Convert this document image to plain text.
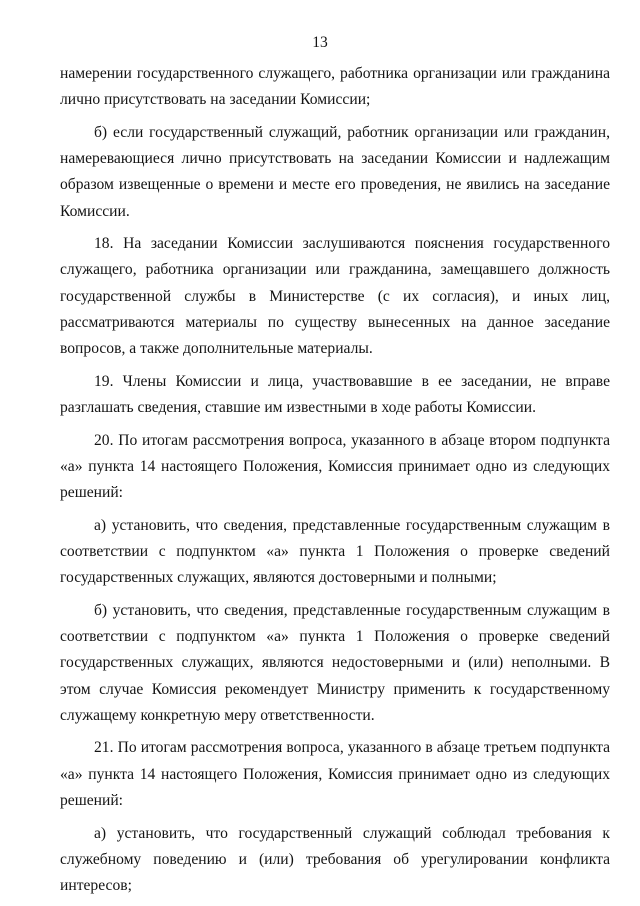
13

намерении государственного служащего, работника организации или гражданина лично присутствовать на заседании Комиссии;

б) если государственный служащий, работник организации или гражданин, намеревающиеся лично присутствовать на заседании Комиссии и надлежащим образом извещенные о времени и месте его проведения, не явились на заседание Комиссии.

18. На заседании Комиссии заслушиваются пояснения государственного служащего, работника организации или гражданина, замещавшего должность государственной службы в Министерстве (с их согласия), и иных лиц, рассматриваются материалы по существу вынесенных на данное заседание вопросов, а также дополнительные материалы.

19. Члены Комиссии и лица, участвовавшие в ее заседании, не вправе разглашать сведения, ставшие им известными в ходе работы Комиссии.

20. По итогам рассмотрения вопроса, указанного в абзаце втором подпункта «а» пункта 14 настоящего Положения, Комиссия принимает одно из следующих решений:

а) установить, что сведения, представленные государственным служащим в соответствии с подпунктом «а» пункта 1 Положения о проверке сведений государственных служащих, являются достоверными и полными;

б) установить, что сведения, представленные государственным служащим в соответствии с подпунктом «а» пункта 1 Положения о проверке сведений государственных служащих, являются недостоверными и (или) неполными. В этом случае Комиссия рекомендует Министру применить к государственному служащему конкретную меру ответственности.

21. По итогам рассмотрения вопроса, указанного в абзаце третьем подпункта «а» пункта 14 настоящего Положения, Комиссия принимает одно из следующих решений:

а) установить, что государственный служащий соблюдал требования к служебному поведению и (или) требования об урегулировании конфликта интересов;
